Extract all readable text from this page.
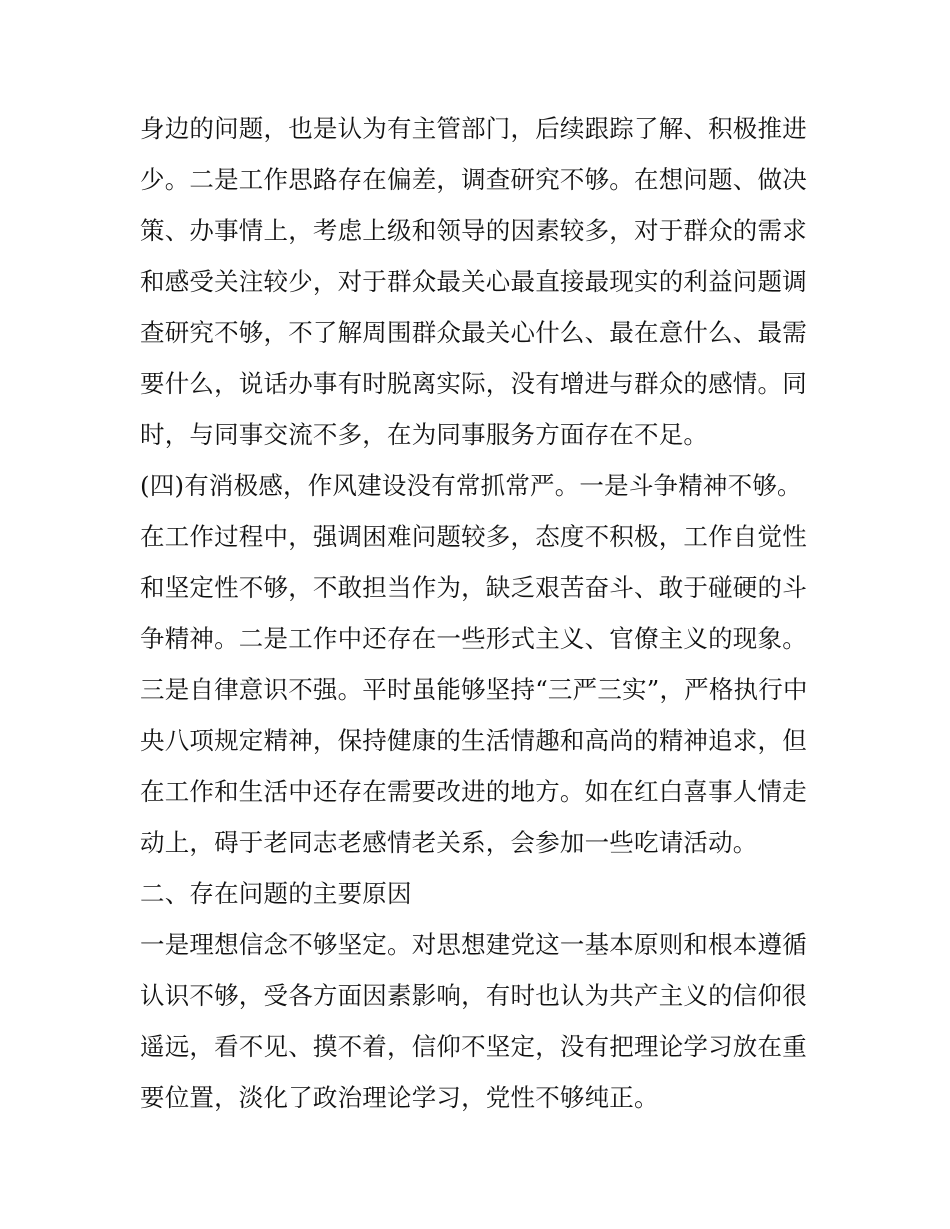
身边的问题，也是认为有主管部门，后续跟踪了解、积极推进
少。二是工作思路存在偏差，调查研究不够。在想问题、做决
策、办事情上，考虑上级和领导的因素较多，对于群众的需求
和感受关注较少，对于群众最关心最直接最现实的利益问题调
查研究不够，不了解周围群众最关心什么、最在意什么、最需
要什么，说话办事有时脱离实际，没有增进与群众的感情。同
时，与同事交流不多，在为同事服务方面存在不足。
(四)有消极感，作风建设没有常抓常严。一是斗争精神不够。
在工作过程中，强调困难问题较多，态度不积极，工作自觉性
和坚定性不够，不敢担当作为，缺乏艰苦奋斗、敢于碰硬的斗
争精神。二是工作中还存在一些形式主义、官僚主义的现象。
三是自律意识不强。平时虽能够坚持“三严三实”，严格执行中
央八项规定精神，保持健康的生活情趣和高尚的精神追求，但
在工作和生活中还存在需要改进的地方。如在红白喜事人情走
动上，碍于老同志老感情老关系，会参加一些吃请活动。
二、存在问题的主要原因
一是理想信念不够坚定。对思想建党这一基本原则和根本遵循
认识不够，受各方面因素影响，有时也认为共产主义的信仰很
遥远，看不见、摸不着，信仰不坚定，没有把理论学习放在重
要位置，淡化了政治理论学习，党性不够纯正。
